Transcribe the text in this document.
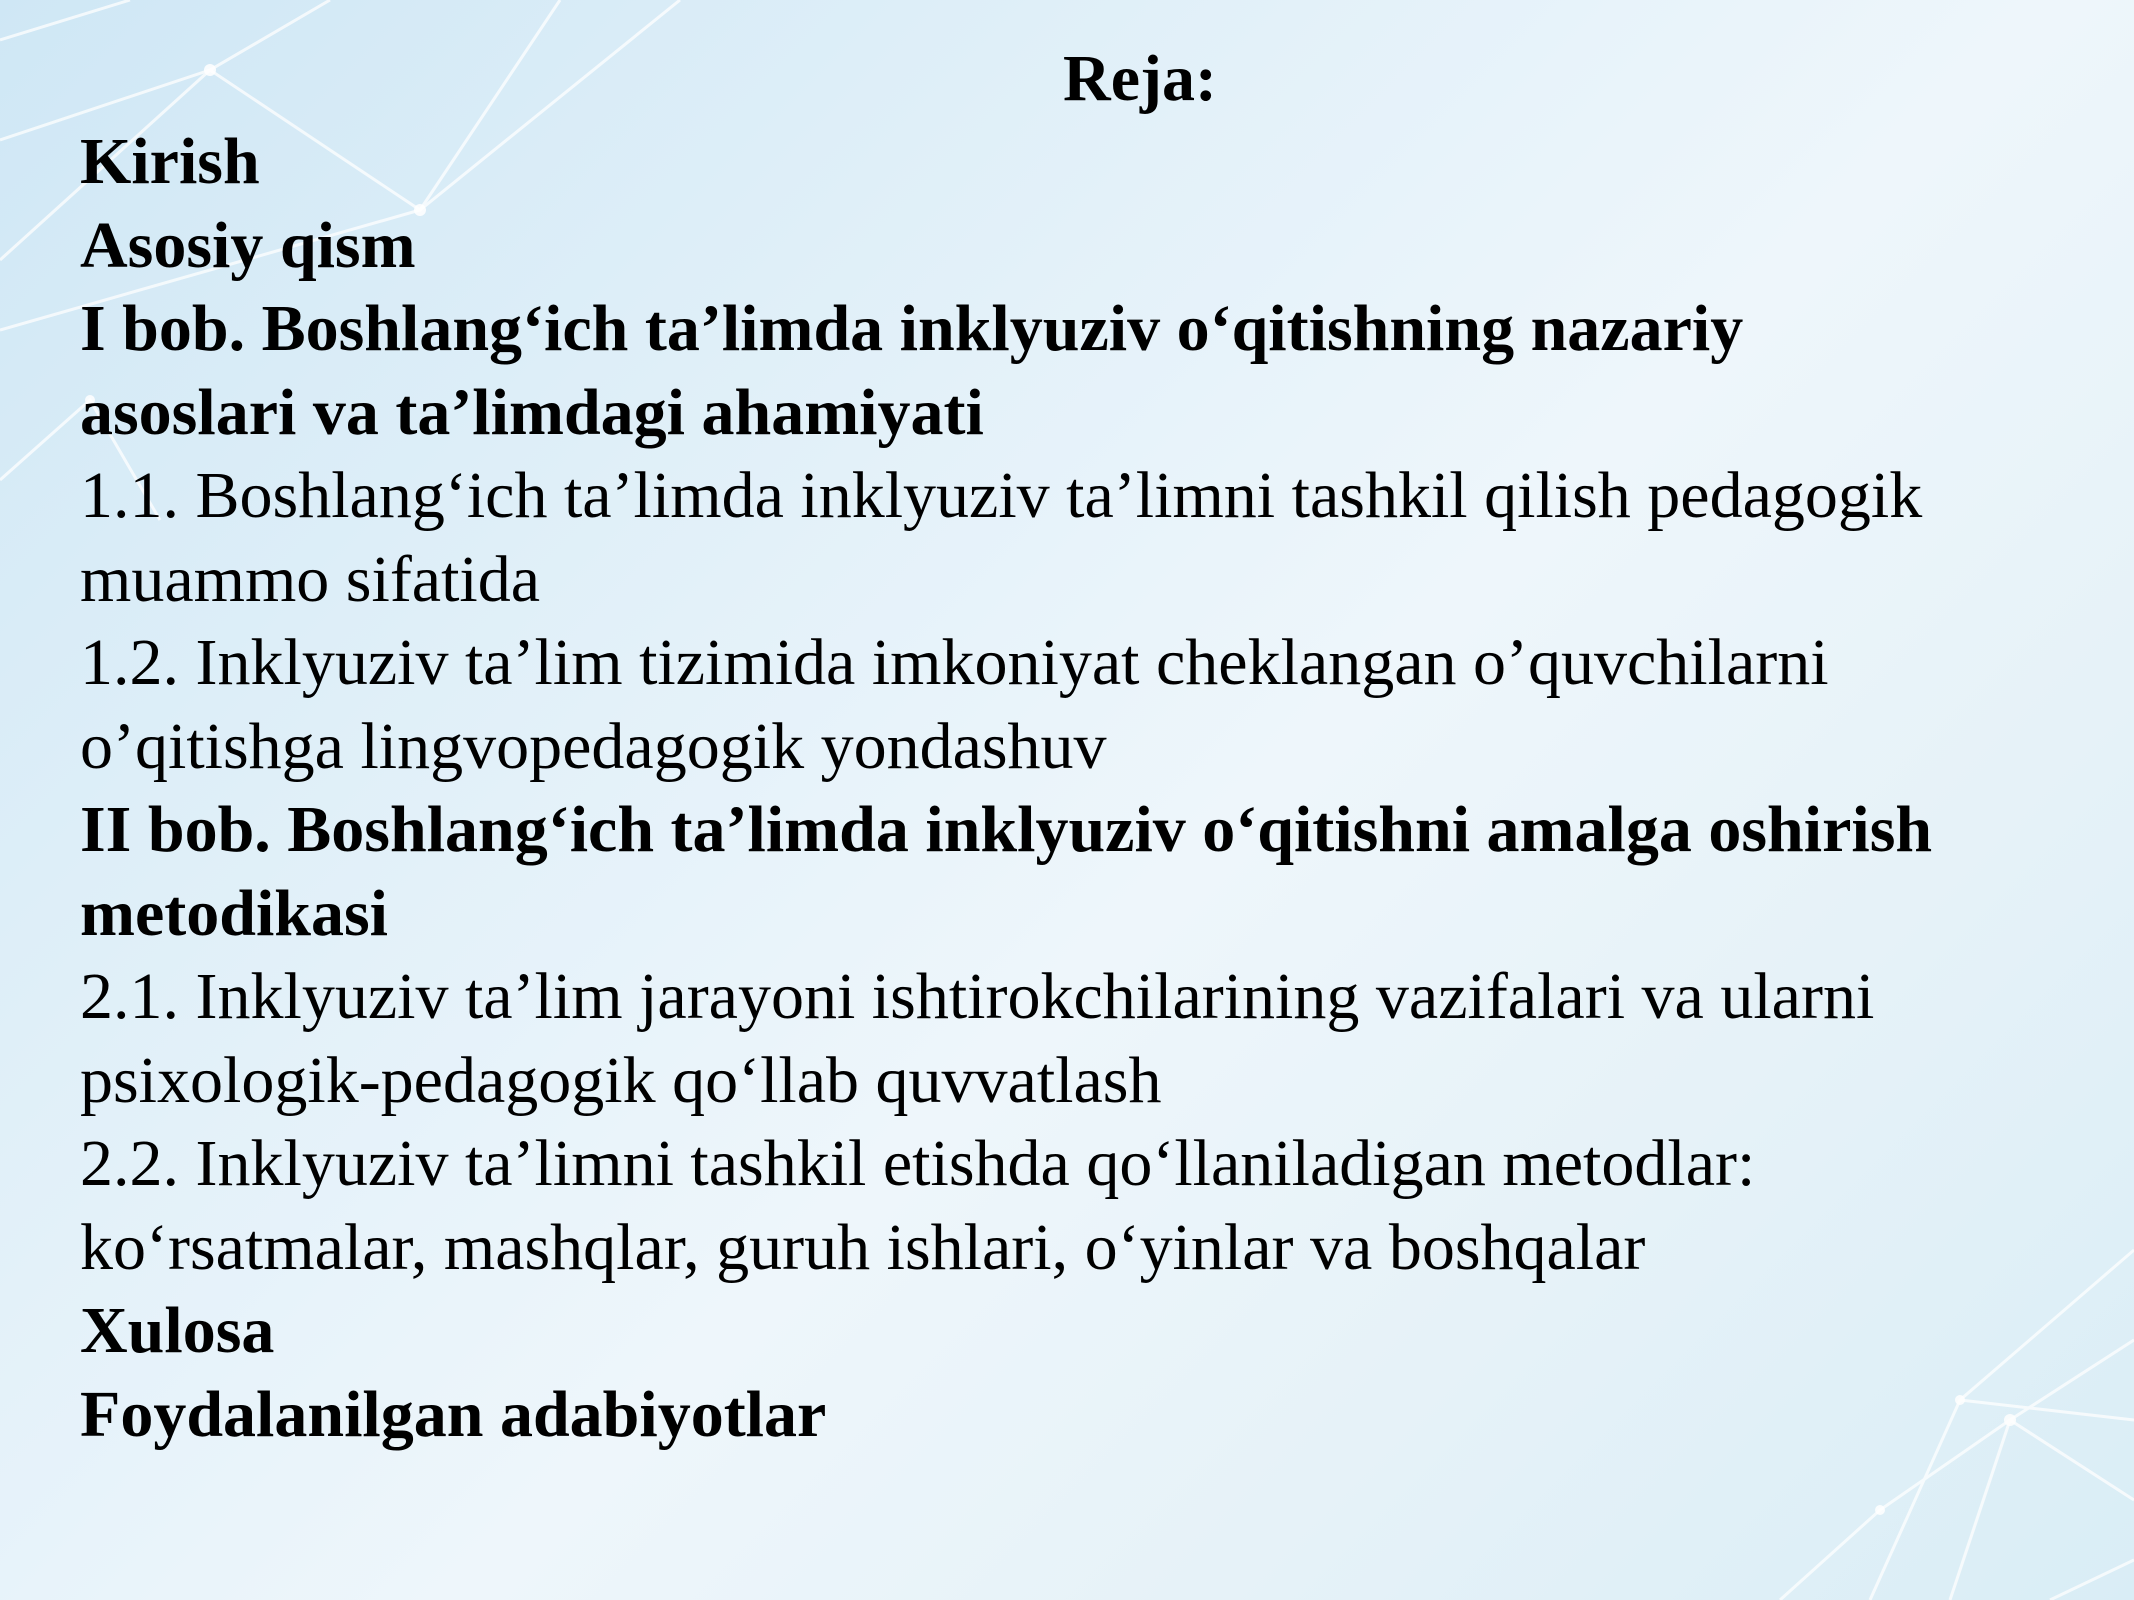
Reja:

Kirish

Asosiy qism

I bob. Boshlang‘ich ta’limda inklyuziv o‘qitishning nazariy

asoslari va ta’limdagi ahamiyati

1.1. Boshlang‘ich ta’limda inklyuziv ta’limni tashkil qilish pedagogik

muammo sifatida

1.2. Inklyuziv ta’lim tizimida imkoniyat cheklangan o’quvchilarni

o’qitishga lingvopedagogik yondashuv

II bob. Boshlang‘ich ta’limda inklyuziv o‘qitishni amalga oshirish

metodikasi

2.1. Inklyuziv ta’lim jarayoni ishtirokchilarining vazifalari va ularni

psixologik-pedagogik qo‘llab quvvatlash

2.2. Inklyuziv ta’limni tashkil etishda qo‘llaniladigan metodlar:

ko‘rsatmalar, mashqlar, guruh ishlari, o‘yinlar va boshqalar

Xulosa

Foydalanilgan adabiyotlar
